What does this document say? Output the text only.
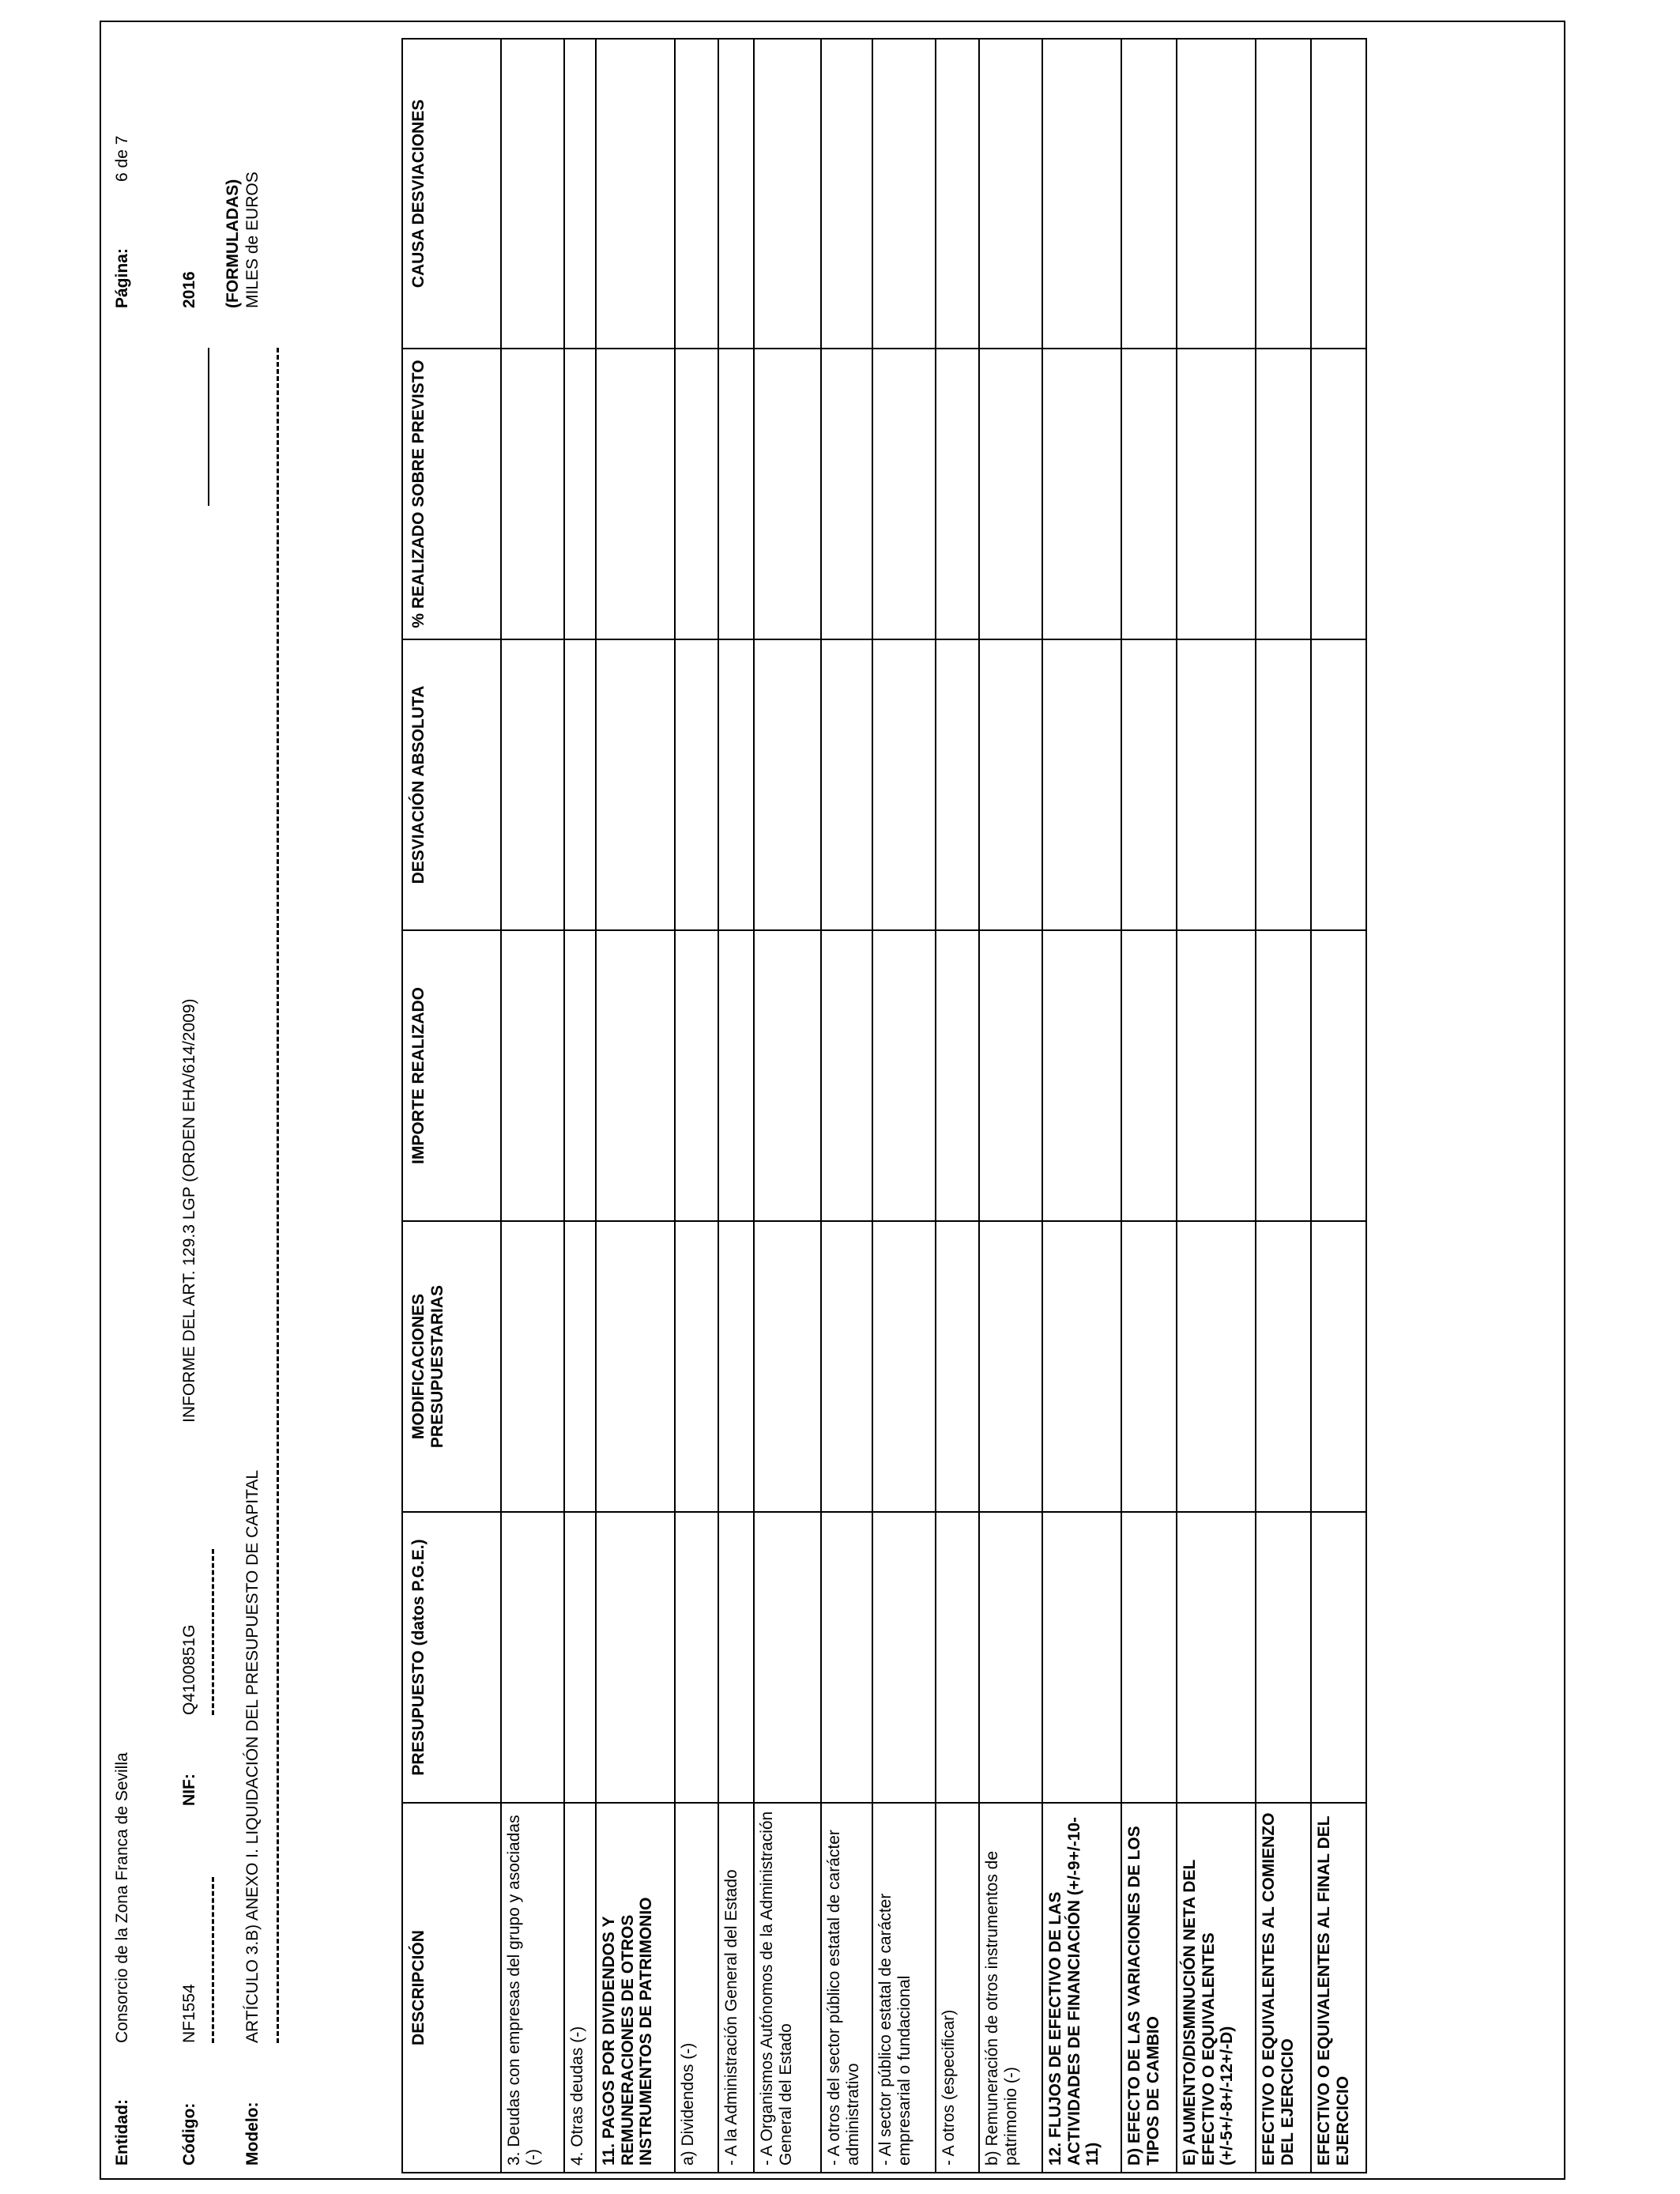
Entidad:
Consorcio de la Zona Franca de Sevilla
Página:
6 de 7
Código:
NF1554
NIF:
Q4100851G
INFORME DEL ART. 129.3 LGP (ORDEN EHA/614/2009)
2016
Modelo:
ARTÍCULO 3.B) ANEXO I. LIQUIDACIÓN DEL PRESUPUESTO DE CAPITAL
(FORMULADAS) MILES de EUROS
DESCRIPCIÓN	PRESUPUESTO (datos P.G.E.)	MODIFICACIONES PRESUPUESTARIAS	IMPORTE REALIZADO	DESVIACIÓN ABSOLUTA	% REALIZADO SOBRE PREVISTO	CAUSA DESVIACIONES
3. Deudas con empresas del grupo y asociadas (-)						
4. Otras deudas (-)						
11. PAGOS POR DIVIDENDOS Y REMUNERACIONES DE OTROS INSTRUMENTOS DE PATRIMONIO						
a) Dividendos (-)						
- A la Administración General del Estado						
- A Organismos Autónomos de la Administración General del Estado						
- A otros del sector público estatal de carácter administrativo						
- Al sector público estatal de carácter empresarial o fundacional						
- A otros (especificar)						
b) Remuneración de otros instrumentos de patrimonio (-)						
12. FLUJOS DE EFECTIVO DE LAS ACTIVIDADES DE FINANCIACIÓN (+/-9+/-10-11)						
D) EFECTO DE LAS VARIACIONES DE LOS TIPOS DE CAMBIO						
E) AUMENTO/DISMINUCIÓN NETA DEL EFECTIVO O EQUIVALENTES (+/-5+/-8+/-12+/-D)						
EFECTIVO O EQUIVALENTES AL COMIENZO DEL EJERCICIO						
EFECTIVO O EQUIVALENTES AL FINAL DEL EJERCICIO						
